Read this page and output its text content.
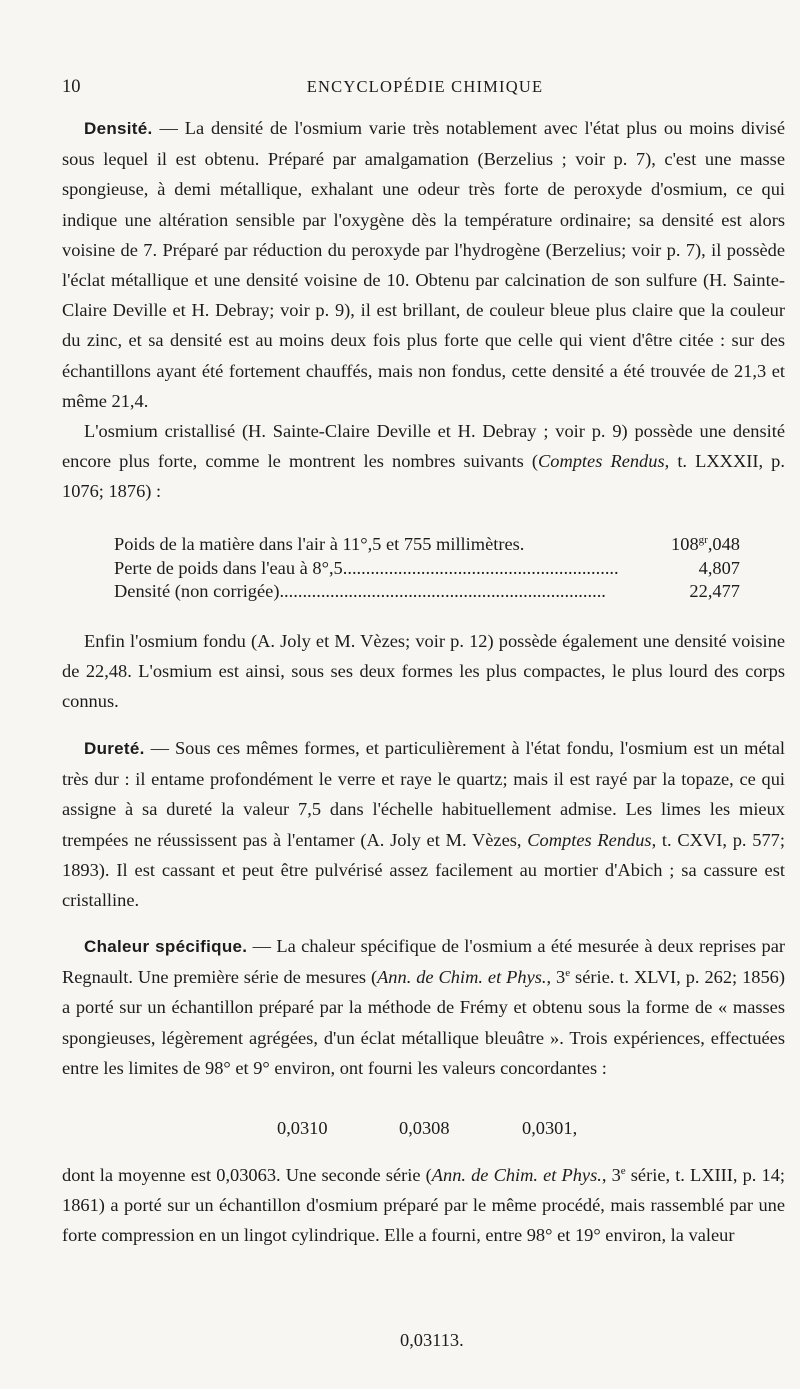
10	ENCYCLOPÉDIE CHIMIQUE

Densité. — La densité de l'osmium varie très notablement avec l'état plus ou moins divisé sous lequel il est obtenu. Préparé par amalgamation (Berzelius ; voir p. 7), c'est une masse spongieuse, à demi métallique, exhalant une odeur très forte de peroxyde d'osmium, ce qui indique une altération sensible par l'oxygène dès la température ordinaire; sa densité est alors voisine de 7. Préparé par réduction du peroxyde par l'hydrogène (Berzelius; voir p. 7), il possède l'éclat métallique et une densité voisine de 10. Obtenu par calcination de son sulfure (H. Sainte-Claire Deville et H. Debray; voir p. 9), il est brillant, de couleur bleue plus claire que la couleur du zinc, et sa densité est au moins deux fois plus forte que celle qui vient d'être citée : sur des échantillons ayant été fortement chauffés, mais non fondus, cette densité a été trouvée de 21,3 et même 21,4.

L'osmium cristallisé (H. Sainte-Claire Deville et H. Debray ; voir p. 9) possède une densité encore plus forte, comme le montrent les nombres suivants (Comptes Rendus, t. LXXXII, p. 1076; 1876) :

Poids de la matière dans l'air à 11°,5 et 755 millimètres.	$108^{gr},048$
Perte de poids dans l'eau à 8°,5............................................................	4,807
Densité (non corrigée).......................................................................	22,477

Enfin l'osmium fondu (A. Joly et M. Vèzes; voir p. 12) possède également une densité voisine de 22,48. L'osmium est ainsi, sous ses deux formes les plus compactes, le plus lourd des corps connus.

Dureté. — Sous ces mêmes formes, et particulièrement à l'état fondu, l'osmium est un métal très dur : il entame profondément le verre et raye le quartz; mais il est rayé par la topaze, ce qui assigne à sa dureté la valeur 7,5 dans l'échelle habituellement admise. Les limes les mieux trempées ne réussissent pas à l'entamer (A. Joly et M. Vèzes, Comptes Rendus, t. CXVI, p. 577; 1893). Il est cassant et peut être pulvérisé assez facilement au mortier d'Abich ; sa cassure est cristalline.

Chaleur spécifique. — La chaleur spécifique de l'osmium a été mesurée à deux reprises par Regnault. Une première série de mesures (Ann. de Chim. et Phys., 3e série. t. XLVI, p. 262; 1856) a porté sur un échantillon préparé par la méthode de Frémy et obtenu sous la forme de « masses spongieuses, légèrement agrégées, d'un éclat métallique bleuâtre ». Trois expériences, effectuées entre les limites de 98° et 9° environ, ont fourni les valeurs concordantes :

0,0310	0,0308	0,0301,

dont la moyenne est 0,03063. Une seconde série (Ann. de Chim. et Phys., 3e série, t. LXIII, p. 14; 1861) a porté sur un échantillon d'osmium préparé par le même procédé, mais rassemblé par une forte compression en un lingot cylindrique. Elle a fourni, entre 98° et 19° environ, la valeur

0,03113.
